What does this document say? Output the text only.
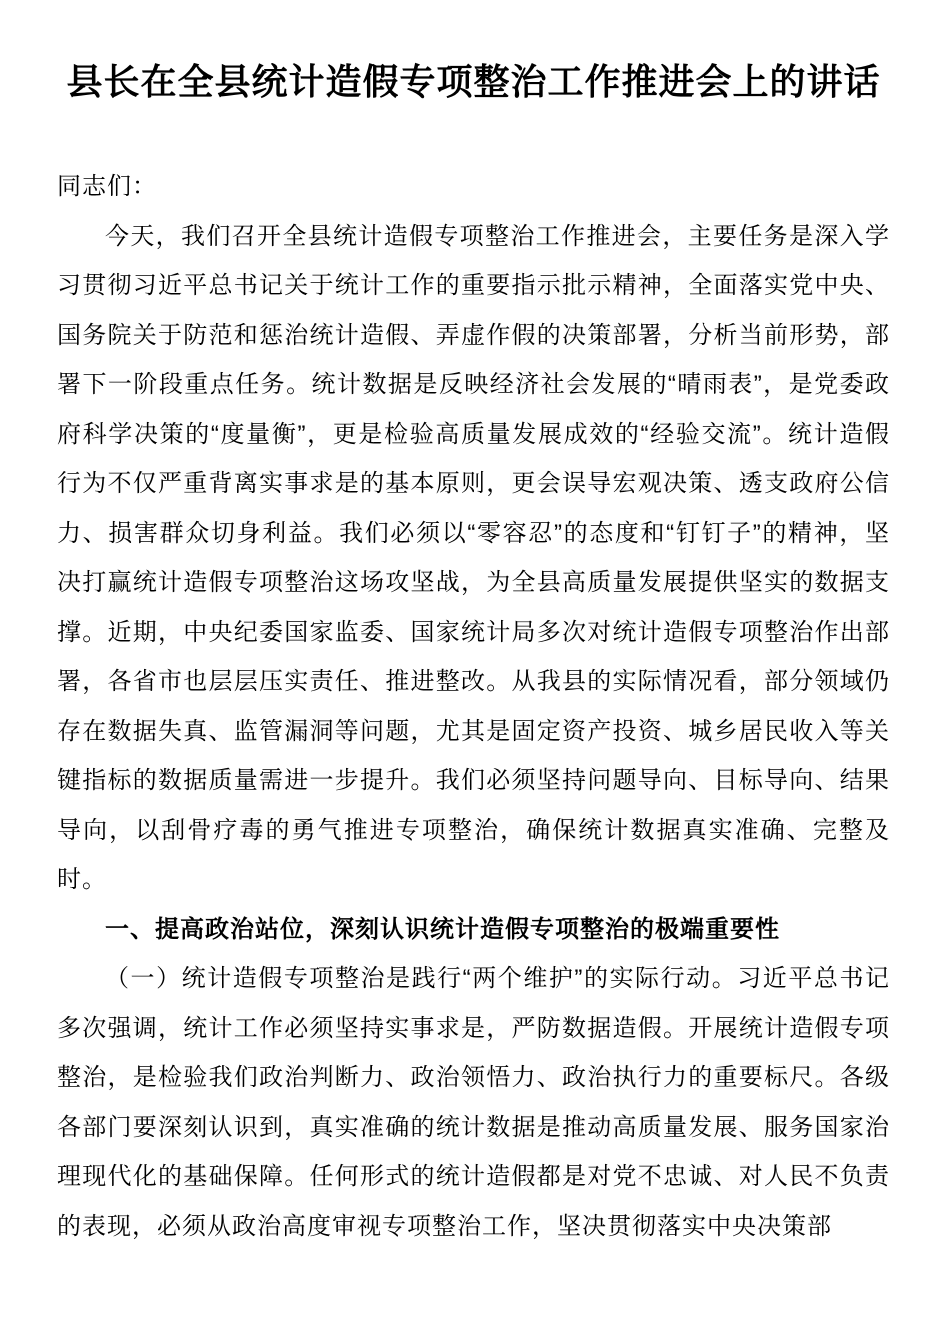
县长在全县统计造假专项整治工作推进会上的讲话

同志们：

今天，我们召开全县统计造假专项整治工作推进会，主要任务是深入学习贯彻习近平总书记关于统计工作的重要指示批示精神，全面落实党中央、国务院关于防范和惩治统计造假、弄虚作假的决策部署，分析当前形势，部署下一阶段重点任务。统计数据是反映经济社会发展的“晴雨表”，是党委政府科学决策的“度量衡”，更是检验高质量发展成效的“经验交流”。统计造假行为不仅严重背离实事求是的基本原则，更会误导宏观决策、透支政府公信力、损害群众切身利益。我们必须以“零容忍”的态度和“钉钉子”的精神，坚决打赢统计造假专项整治这场攻坚战，为全县高质量发展提供坚实的数据支撑。近期，中央纪委国家监委、国家统计局多次对统计造假专项整治作出部署，各省市也层层压实责任、推进整改。从我县的实际情况看，部分领域仍存在数据失真、监管漏洞等问题，尤其是固定资产投资、城乡居民收入等关键指标的数据质量需进一步提升。我们必须坚持问题导向、目标导向、结果导向，以刮骨疗毒的勇气推进专项整治，确保统计数据真实准确、完整及时。

一、提高政治站位，深刻认识统计造假专项整治的极端重要性

（一）统计造假专项整治是践行“两个维护”的实际行动。习近平总书记多次强调，统计工作必须坚持实事求是，严防数据造假。开展统计造假专项整治，是检验我们政治判断力、政治领悟力、政治执行力的重要标尺。各级各部门要深刻认识到，真实准确的统计数据是推动高质量发展、服务国家治理现代化的基础保障。任何形式的统计造假都是对党不忠诚、对人民不负责的表现，必须从政治高度审视专项整治工作，坚决贯彻落实中央决策部
